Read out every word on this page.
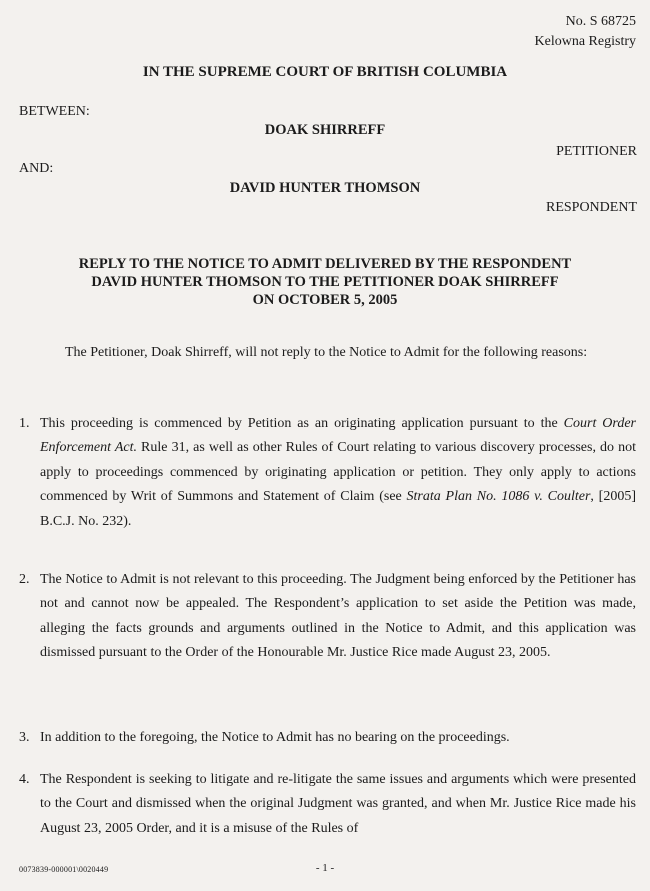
No. S 68725
Kelowna Registry
IN THE SUPREME COURT OF BRITISH COLUMBIA
BETWEEN:
DOAK SHIRREFF
PETITIONER
AND:
DAVID HUNTER THOMSON
RESPONDENT
REPLY TO THE NOTICE TO ADMIT DELIVERED BY THE RESPONDENT
DAVID HUNTER THOMSON TO THE PETITIONER DOAK SHIRREFF
ON OCTOBER 5, 2005
The Petitioner, Doak Shirreff, will not reply to the Notice to Admit for the following reasons:
1. This proceeding is commenced by Petition as an originating application pursuant to the Court Order Enforcement Act. Rule 31, as well as other Rules of Court relating to various discovery processes, do not apply to proceedings commenced by originating application or petition. They only apply to actions commenced by Writ of Summons and Statement of Claim (see Strata Plan No. 1086 v. Coulter, [2005] B.C.J. No. 232).
2. The Notice to Admit is not relevant to this proceeding. The Judgment being enforced by the Petitioner has not and cannot now be appealed. The Respondent’s application to set aside the Petition was made, alleging the facts grounds and arguments outlined in the Notice to Admit, and this application was dismissed pursuant to the Order of the Honourable Mr. Justice Rice made August 23, 2005.
3. In addition to the foregoing, the Notice to Admit has no bearing on the proceedings.
4. The Respondent is seeking to litigate and re-litigate the same issues and arguments which were presented to the Court and dismissed when the original Judgment was granted, and when Mr. Justice Rice made his August 23, 2005 Order, and it is a misuse of the Rules of
0073839-000001\0020449	- 1 -
